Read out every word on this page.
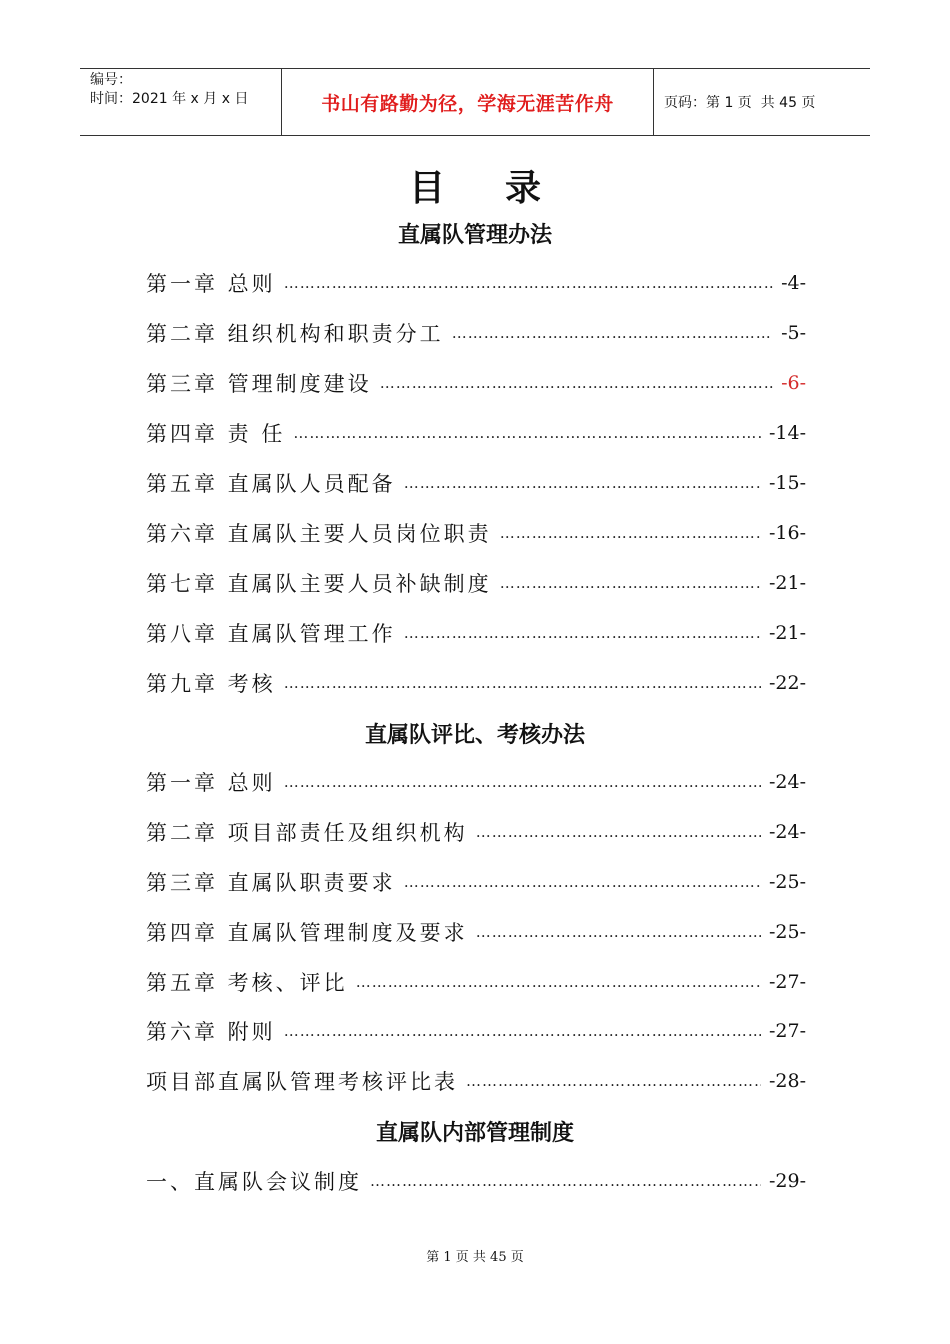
编号：
时间：2021 年 x 月 x 日	书山有路勤为径，学海无涯苦作舟	页码：第 1 页  共 45 页
目 录
直属队管理办法
第一章 总则 …………………………………………………………………………………………………………………………………………	-4-
第二章 组织机构和职责分工 …………………………………………………………………………………………………………………………………………	-5-
第三章 管理制度建设 …………………………………………………………………………………………………………………………………………	-6-
第四章 责 任 …………………………………………………………………………………………………………………………………………	-14-
第五章 直属队人员配备 …………………………………………………………………………………………………………………………………………	-15-
第六章 直属队主要人员岗位职责 …………………………………………………………………………………………………………………………………………	-16-
第七章 直属队主要人员补缺制度 …………………………………………………………………………………………………………………………………………	-21-
第八章 直属队管理工作 …………………………………………………………………………………………………………………………………………	-21-
第九章 考核 …………………………………………………………………………………………………………………………………………	-22-
直属队评比、考核办法
第一章 总则 …………………………………………………………………………………………………………………………………………	-24-
第二章 项目部责任及组织机构 …………………………………………………………………………………………………………………………………………	-24-
第三章 直属队职责要求 …………………………………………………………………………………………………………………………………………	-25-
第四章 直属队管理制度及要求 …………………………………………………………………………………………………………………………………………	-25-
第五章 考核、评比 …………………………………………………………………………………………………………………………………………	-27-
第六章 附则 …………………………………………………………………………………………………………………………………………	-27-
项目部直属队管理考核评比表 …………………………………………………………………………………………………………………………………………	-28-
直属队内部管理制度
一、直属队会议制度 …………………………………………………………………………………………………………………………………………	-29-
第 1 页 共 45 页
